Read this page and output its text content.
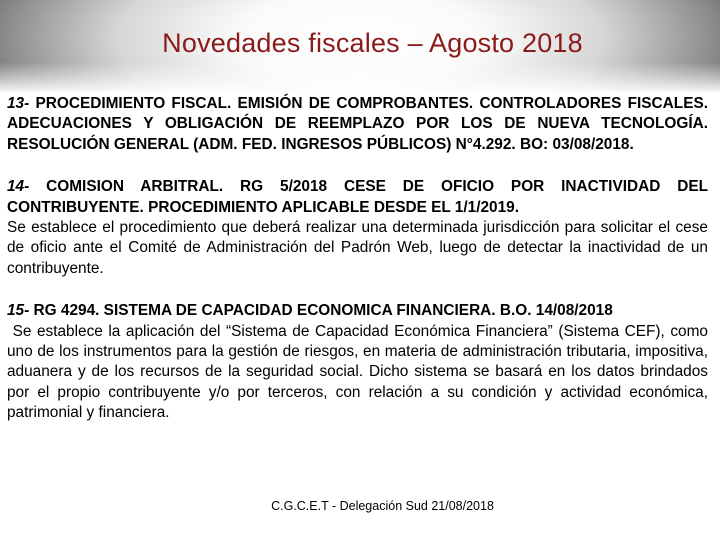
Novedades fiscales – Agosto 2018
13- PROCEDIMIENTO FISCAL. EMISIÓN DE COMPROBANTES. CONTROLADORES FISCALES. ADECUACIONES Y OBLIGACIÓN DE REEMPLAZO POR LOS DE NUEVA TECNOLOGÍA. RESOLUCIÓN GENERAL (ADM. FED. INGRESOS PÚBLICOS) N°4.292. BO: 03/08/2018.
14- COMISION ARBITRAL. RG 5/2018 CESE DE OFICIO POR INACTIVIDAD DEL CONTRIBUYENTE. PROCEDIMIENTO APLICABLE DESDE EL 1/1/2019.
Se establece el procedimiento que deberá realizar una determinada jurisdicción para solicitar el cese de oficio ante el Comité de Administración del Padrón Web, luego de detectar la inactividad de un contribuyente.
15- RG 4294. SISTEMA DE CAPACIDAD ECONOMICA FINANCIERA. B.O. 14/08/2018
Se establece la aplicación del “Sistema de Capacidad Económica Financiera” (Sistema CEF), como uno de los instrumentos para la gestión de riesgos, en materia de administración tributaria, impositiva, aduanera y de los recursos de la seguridad social. Dicho sistema se basará en los datos brindados por el propio contribuyente y/o por terceros, con relación a su condición y actividad económica, patrimonial y financiera.
C.G.C.E.T - Delegación Sud 21/08/2018
